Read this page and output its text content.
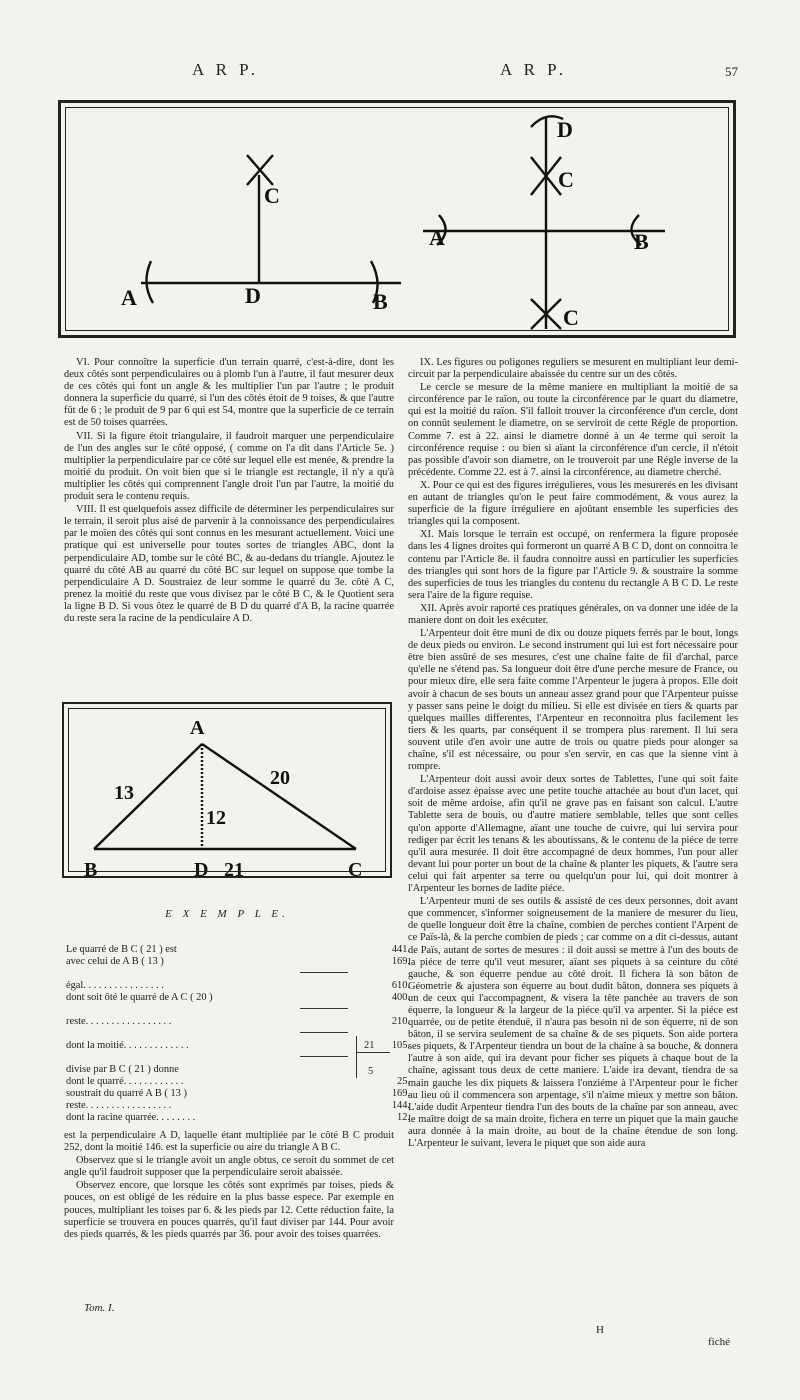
A R P.	A R P.	57
A	B
C
D
A	B
C
C
D

VI. Pour connoître la superficie d'un terrain quarré, c'est-à-dire, dont les deux côtés sont perpendiculaires ou à plomb l'un à l'autre, il faut mesurer deux de ces côtés qui font un angle & les multiplier l'un par l'autre ; le produit donnera la superficie du quarré, si l'un des côtés étoit de 9 toises, & que l'autre fût de 6 ; le produit de 9 par 6 qui est 54, montre que la superficie de ce terrain est de 50 toises quarrées.

VII. Si la figure étoit triangulaire, il faudroit marquer une perpendiculaire de l'un des angles sur le côté opposé, ( comme on l'a dit dans l'Article 5e. ) multiplier la perpendiculaire par ce côté sur lequel elle est menée, & prendre la moitié du produit. On voit bien que si le triangle est rectangle, il n'y a qu'à multiplier les côtés qui comprennent l'angle droit l'un par l'autre, la moitié du produit sera le contenu requis.

VIII. Il est quelquefois assez difficile de déterminer les perpendiculaires sur le terrain, il seroit plus aisé de parvenir à la connoissance des perpendiculaires par le moïen des côtés qui sont connus en les mesurant actuellement. Voici une pratique qui est universelle pour toutes sortes de triangles ABC, dont la perpendiculaire AD, tombe sur le côté BC, & au-dedans du triangle. Ajoutez le quarré du côté AB au quarré du côté BC sur lequel on suppose que tombe la perpendiculaire A D. Soustraiez de leur somme le quarré du 3e. côté A C, prenez la moitié du reste que vous divisez par le côté B C, & le Quotient sera la ligne B D. Si vous ôtez le quarré de B D du quarré d'A B, la racine quarrée du reste sera la racine de la pendiculaire A D.

A
B	C
D
13
20
12
21
E X E M P L E.
Le quarré de B C ( 21 ) est	441.
avec celui de A B ( 13 )	169.
égal. . . . . . . . . . . . . . . .	610.
dont soit ôté le quarré de A C ( 20 )	400.
reste. . . . . . . . . . . . . . . . .	210.
dont la moitié. . . . . . . . . . . . .	105.
21
5
divise par B C ( 21 ) donne
dont le quarré. . . . . . . . . . . .	25.
soustrait du quarré A B ( 13 )	169.
reste. . . . . . . . . . . . . . . . .	144.
dont la racine quarrée. . . . . . . .	12.

est la perpendiculaire A D, laquelle étant multipliée par le côté B C produit 252, dont la moitié 146. est la superficie ou aire du triangle A B C.

Observez que si le triangle avoit un angle obtus, ce seroit du sommet de cet angle qu'il faudroit supposer que la perpendiculaire seroit abaissée.

Observez encore, que lorsque les côtés sont exprimés par toises, pieds & pouces, on est obligé de les réduire en la plus basse espece. Par exemple en pouces, multipliant les toises par 6. & les pieds par 12. Cette réduction faite, la superficie se trouvera en pouces quarrés, qu'il faut diviser par 144. Pour avoir des pieds quarrés, & les pieds quarrés par 36. pour avoir des toises quarrées.

Tom. I.

IX. Les figures ou poligones reguliers se mesurent en multipliant leur demi-circuit par la perpendiculaire abaissée du centre sur un des côtés.

Le cercle se mesure de la même maniere en multipliant la moitié de sa circonférence par le raïon, ou toute la circonférence par le quart du diametre, qui est la moitié du raïon. S'il falloit trouver la circonférence d'un cercle, dont on connût seulement le diametre, on se serviroit de cette Régle de proportion. Comme 7. est à 22. ainsi le diametre donné à un 4e terme qui seroit la circonférence requise : ou bien si aïant la circonférence d'un cercle, il n'étoit pas possible d'avoir son diametre, on le trouveroit par une Régle inverse de la précédente. Comme 22. est à 7. ainsi la circonférence, au diametre cherché.

X. Pour ce qui est des figures irrégulieres, vous les mesurerés en les divisant en autant de triangles qu'on le peut faire commodément, & vous aurez la superficie de la figure irréguliere en ajoûtant ensemble les superficies des triangles qui la composent.

XI. Mais lorsque le terrain est occupé, on renfermera la figure proposée dans les 4 lignes droites qui formeront un quarré A B C D, dont on connoitra le contenu par l'Article 8e. il faudra connoitre aussi en particulier les superficies des triangles qui sont hors de la figure par l'Article 9. & soustraire la somme des superficies de tous les triangles du contenu du rectangle A B C D. Le reste sera l'aire de la figure requise.

XII. Après avoir raporté ces pratiques générales, on va donner une idée de la maniere dont on doit les exécuter.

L'Arpenteur doit être muni de dix ou douze piquets ferrés par le bout, longs de deux pieds ou environ. Le second instrument qui lui est fort nécessaire pour être bien assûré de ses mesures, c'est une chaîne faite de fil d'archal, parce qu'elle ne s'étend pas. Sa longueur doit être d'une perche mesure de France, ou pour mieux dire, elle sera faite comme l'Arpenteur le jugera à propos. Elle doit avoir à chacun de ses bouts un anneau assez grand pour que l'Arpenteur puisse y passer sans peine le doigt du milieu. Si elle est divisée en tiers & quarts par quelques mailles differentes, l'Arpenteur en reconnoitra plus facilement les tiers & les quarts, par conséquent il se trompera plus rarement. Il lui sera souvent utile d'en avoir une autre de trois ou quatre pieds pour alonger sa chaîne, s'il est nécessaire, ou pour s'en servir, en cas que la sienne vint à rompre.

L'Arpenteur doit aussi avoir deux sortes de Tablettes, l'une qui soit faite d'ardoise assez épaisse avec une petite touche attachée au bout d'un lacet, qui soit de même ardoise, afin qu'il ne grave pas en faisant son calcul. L'autre Tablette sera de bouis, ou d'autre matiere semblable, telles que sont celles qu'on apporte d'Allemagne, aïant une touche de cuivre, qui lui servira pour rediger par écrit les tenans & les aboutissans, & le contenu de la piéce de terre qu'il aura mesurée. Il doit être accompagné de deux hommes, l'un pour aller devant lui pour porter un bout de la chaîne & planter les piquets, & l'autre sera celui qui fait arpenter sa terre ou quelqu'un pour lui, qui doit montrer à l'Arpenteur les bornes de ladite piéce.

L'Arpenteur muni de ses outils & assisté de ces deux personnes, doit avant que commencer, s'informer soigneusement de la maniere de mesurer du lieu, de quelle longueur doit être la chaîne, combien de perches contient l'Arpent de ce Païs-là, & la perche combien de pieds ; car comme on a dit ci-dessus, autant de Païs, autant de sortes de mesures : il doit aussi se mettre à l'un des bouts de la piéce de terre qu'il veut mesurer, aïant ses piquets à sa ceinture du côté gauche, & son équerre pendue au côté droit. Il fichera là son bâton de Géometrie & ajustera son équerre au bout dudit bâton, donnera ses piquets à un de ceux qui l'accompagnent, & visera la tête panchée au travers de son équerre, la longueur & la largeur de la piéce qu'il va arpenter. Si la piéce est quarrée, ou de petite étenduë, il n'aura pas besoin ni de son équerre, ni de son bâton, il se servira seulement de sa chaîne & de ses piquets. Son aide portera ses piquets, & l'Arpenteur tiendra un bout de la chaîne à sa bouche, & donnera l'autre à son aide, qui ira devant pour ficher ses piquets à chaque bout de la chaîne, agissant tous deux de cette maniere. L'aide ira devant, tiendra de sa main gauche les dix piquets & laissera l'onziéme à l'Arpenteur pour le ficher au lieu où il commencera son arpentage, s'il n'aime mieux y mettre son bâton. L'aide dudit Arpenteur tiendra l'un des bouts de la chaîne par son anneau, avec le maître doigt de sa main droite, fichera en terre un piquet que la main gauche aura donnée à la main droite, au bout de la chaîne étendue de son long. L'Arpenteur le suivant, levera le piquet que son aide aura

H
fiché
